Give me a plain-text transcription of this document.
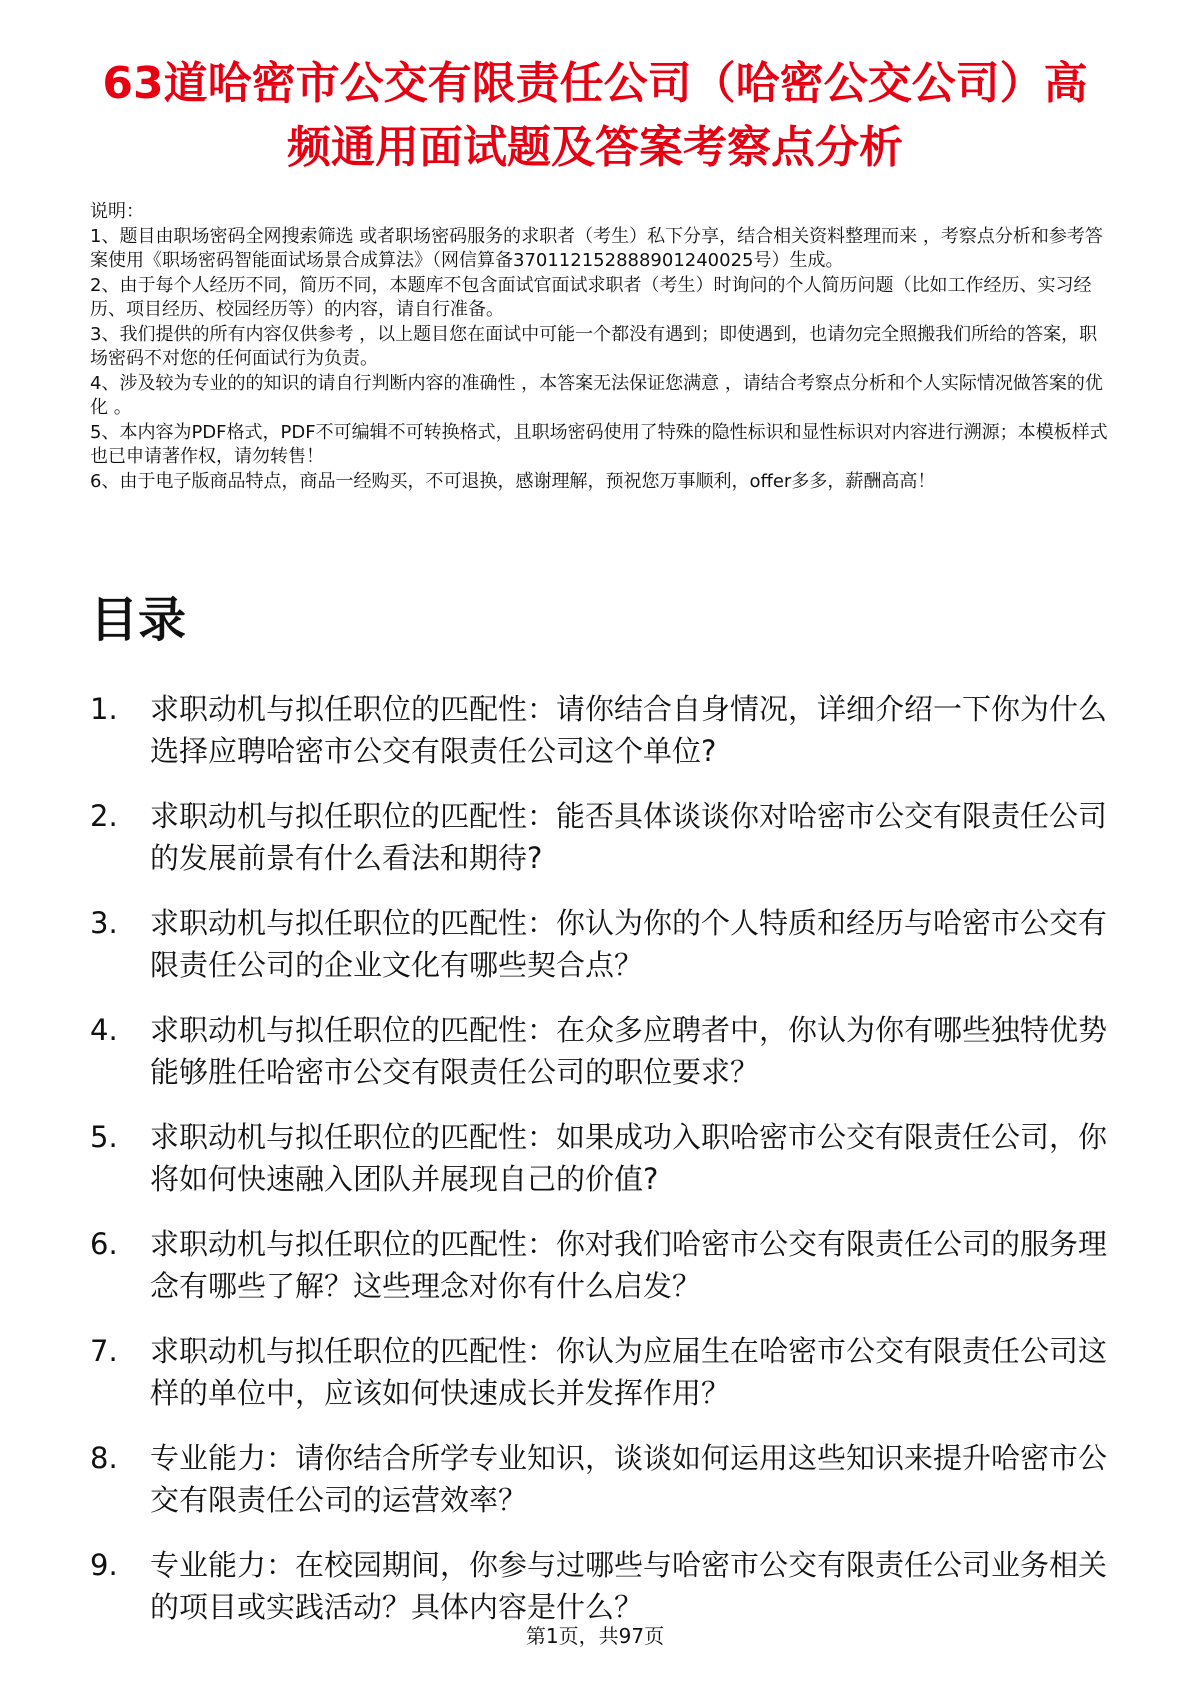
63道哈密市公交有限责任公司（哈密公交公司）高频通用面试题及答案考察点分析

说明：

1、题目由职场密码全网搜索筛选 或者职场密码服务的求职者（考生）私下分享，结合相关资料整理而来 ，考察点分析和参考答案使用《职场密码智能面试场景合成算法》（网信算备370112152888901240025号）生成。

2、由于每个人经历不同，简历不同，本题库不包含面试官面试求职者（考生）时询问的个人简历问题（比如工作经历、实习经历、项目经历、校园经历等）的内容，请自行准备。

3、我们提供的所有内容仅供参考 ，以上题目您在面试中可能一个都没有遇到；即使遇到，也请勿完全照搬我们所给的答案，职场密码不对您的任何面试行为负责。

4、涉及较为专业的的知识的请自行判断内容的准确性 ，本答案无法保证您满意 ，请结合考察点分析和个人实际情况做答案的优化 。

5、本内容为PDF格式，PDF不可编辑不可转换格式，且职场密码使用了特殊的隐性标识和显性标识对内容进行溯源；本模板样式也已申请著作权，请勿转售！

6、由于电子版商品特点，商品一经购买，不可退换，感谢理解，预祝您万事顺利，offer多多，薪酬高高！

目录
1.	求职动机与拟任职位的匹配性：请你结合自身情况，详细介绍一下你为什么选择应聘哈密市公交有限责任公司这个单位?
2.	求职动机与拟任职位的匹配性：能否具体谈谈你对哈密市公交有限责任公司的发展前景有什么看法和期待?
3.	求职动机与拟任职位的匹配性：你认为你的个人特质和经历与哈密市公交有限责任公司的企业文化有哪些契合点？
4.	求职动机与拟任职位的匹配性：在众多应聘者中，你认为你有哪些独特优势能够胜任哈密市公交有限责任公司的职位要求？
5.	求职动机与拟任职位的匹配性：如果成功入职哈密市公交有限责任公司，你将如何快速融入团队并展现自己的价值?
6.	求职动机与拟任职位的匹配性：你对我们哈密市公交有限责任公司的服务理念有哪些了解？这些理念对你有什么启发？
7.	求职动机与拟任职位的匹配性：你认为应届生在哈密市公交有限责任公司这样的单位中，应该如何快速成长并发挥作用？
8.	专业能力：请你结合所学专业知识，谈谈如何运用这些知识来提升哈密市公交有限责任公司的运营效率？
9.	专业能力：在校园期间，你参与过哪些与哈密市公交有限责任公司业务相关的项目或实践活动？具体内容是什么？
第1页，共97页
